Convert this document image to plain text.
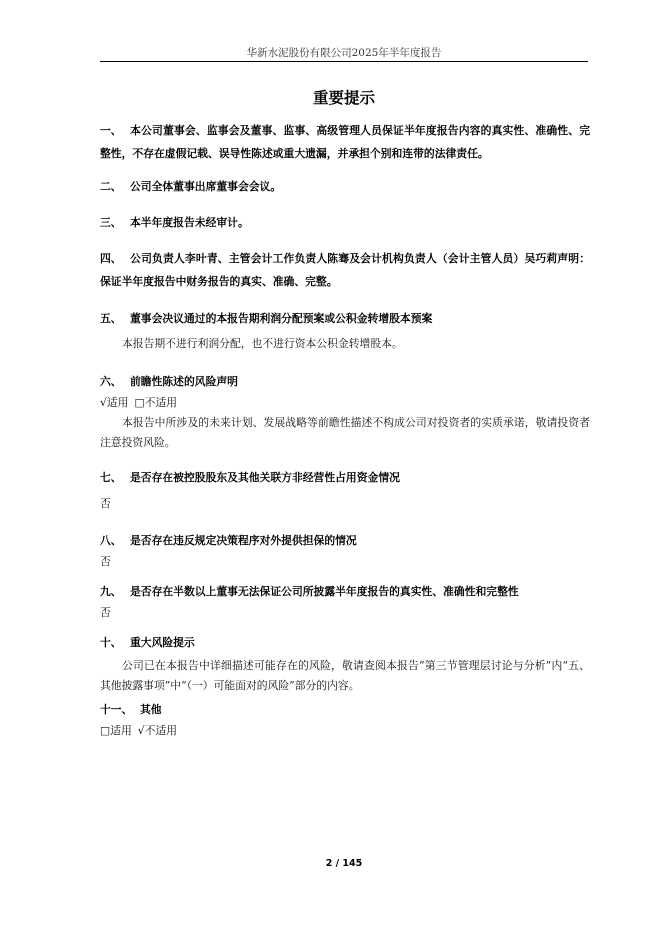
华新水泥股份有限公司2025年半年度报告
重要提示
一、 本公司董事会、监事会及董事、监事、高级管理人员保证半年度报告内容的真实性、准确性、完整性，不存在虚假记载、误导性陈述或重大遗漏，并承担个别和连带的法律责任。
二、 公司全体董事出席董事会会议。
三、 本半年度报告未经审计。
四、 公司负责人李叶青、主管会计工作负责人陈骞及会计机构负责人（会计主管人员）吴巧莉声明：保证半年度报告中财务报告的真实、准确、完整。
五、 董事会决议通过的本报告期利润分配预案或公积金转增股本预案
本报告期不进行利润分配，也不进行资本公积金转增股本。
六、 前瞻性陈述的风险声明
√适用 □不适用
本报告中所涉及的未来计划、发展战略等前瞻性描述不构成公司对投资者的实质承诺，敬请投资者注意投资风险。
七、 是否存在被控股股东及其他关联方非经营性占用资金情况
否
八、 是否存在违反规定决策程序对外提供担保的情况
否
九、 是否存在半数以上董事无法保证公司所披露半年度报告的真实性、准确性和完整性
否
十、 重大风险提示
公司已在本报告中详细描述可能存在的风险，敬请查阅本报告“第三节管理层讨论与分析”内“五、其他披露事项”中“（一）可能面对的风险”部分的内容。
十一、 其他
□适用 √不适用
2 / 145
